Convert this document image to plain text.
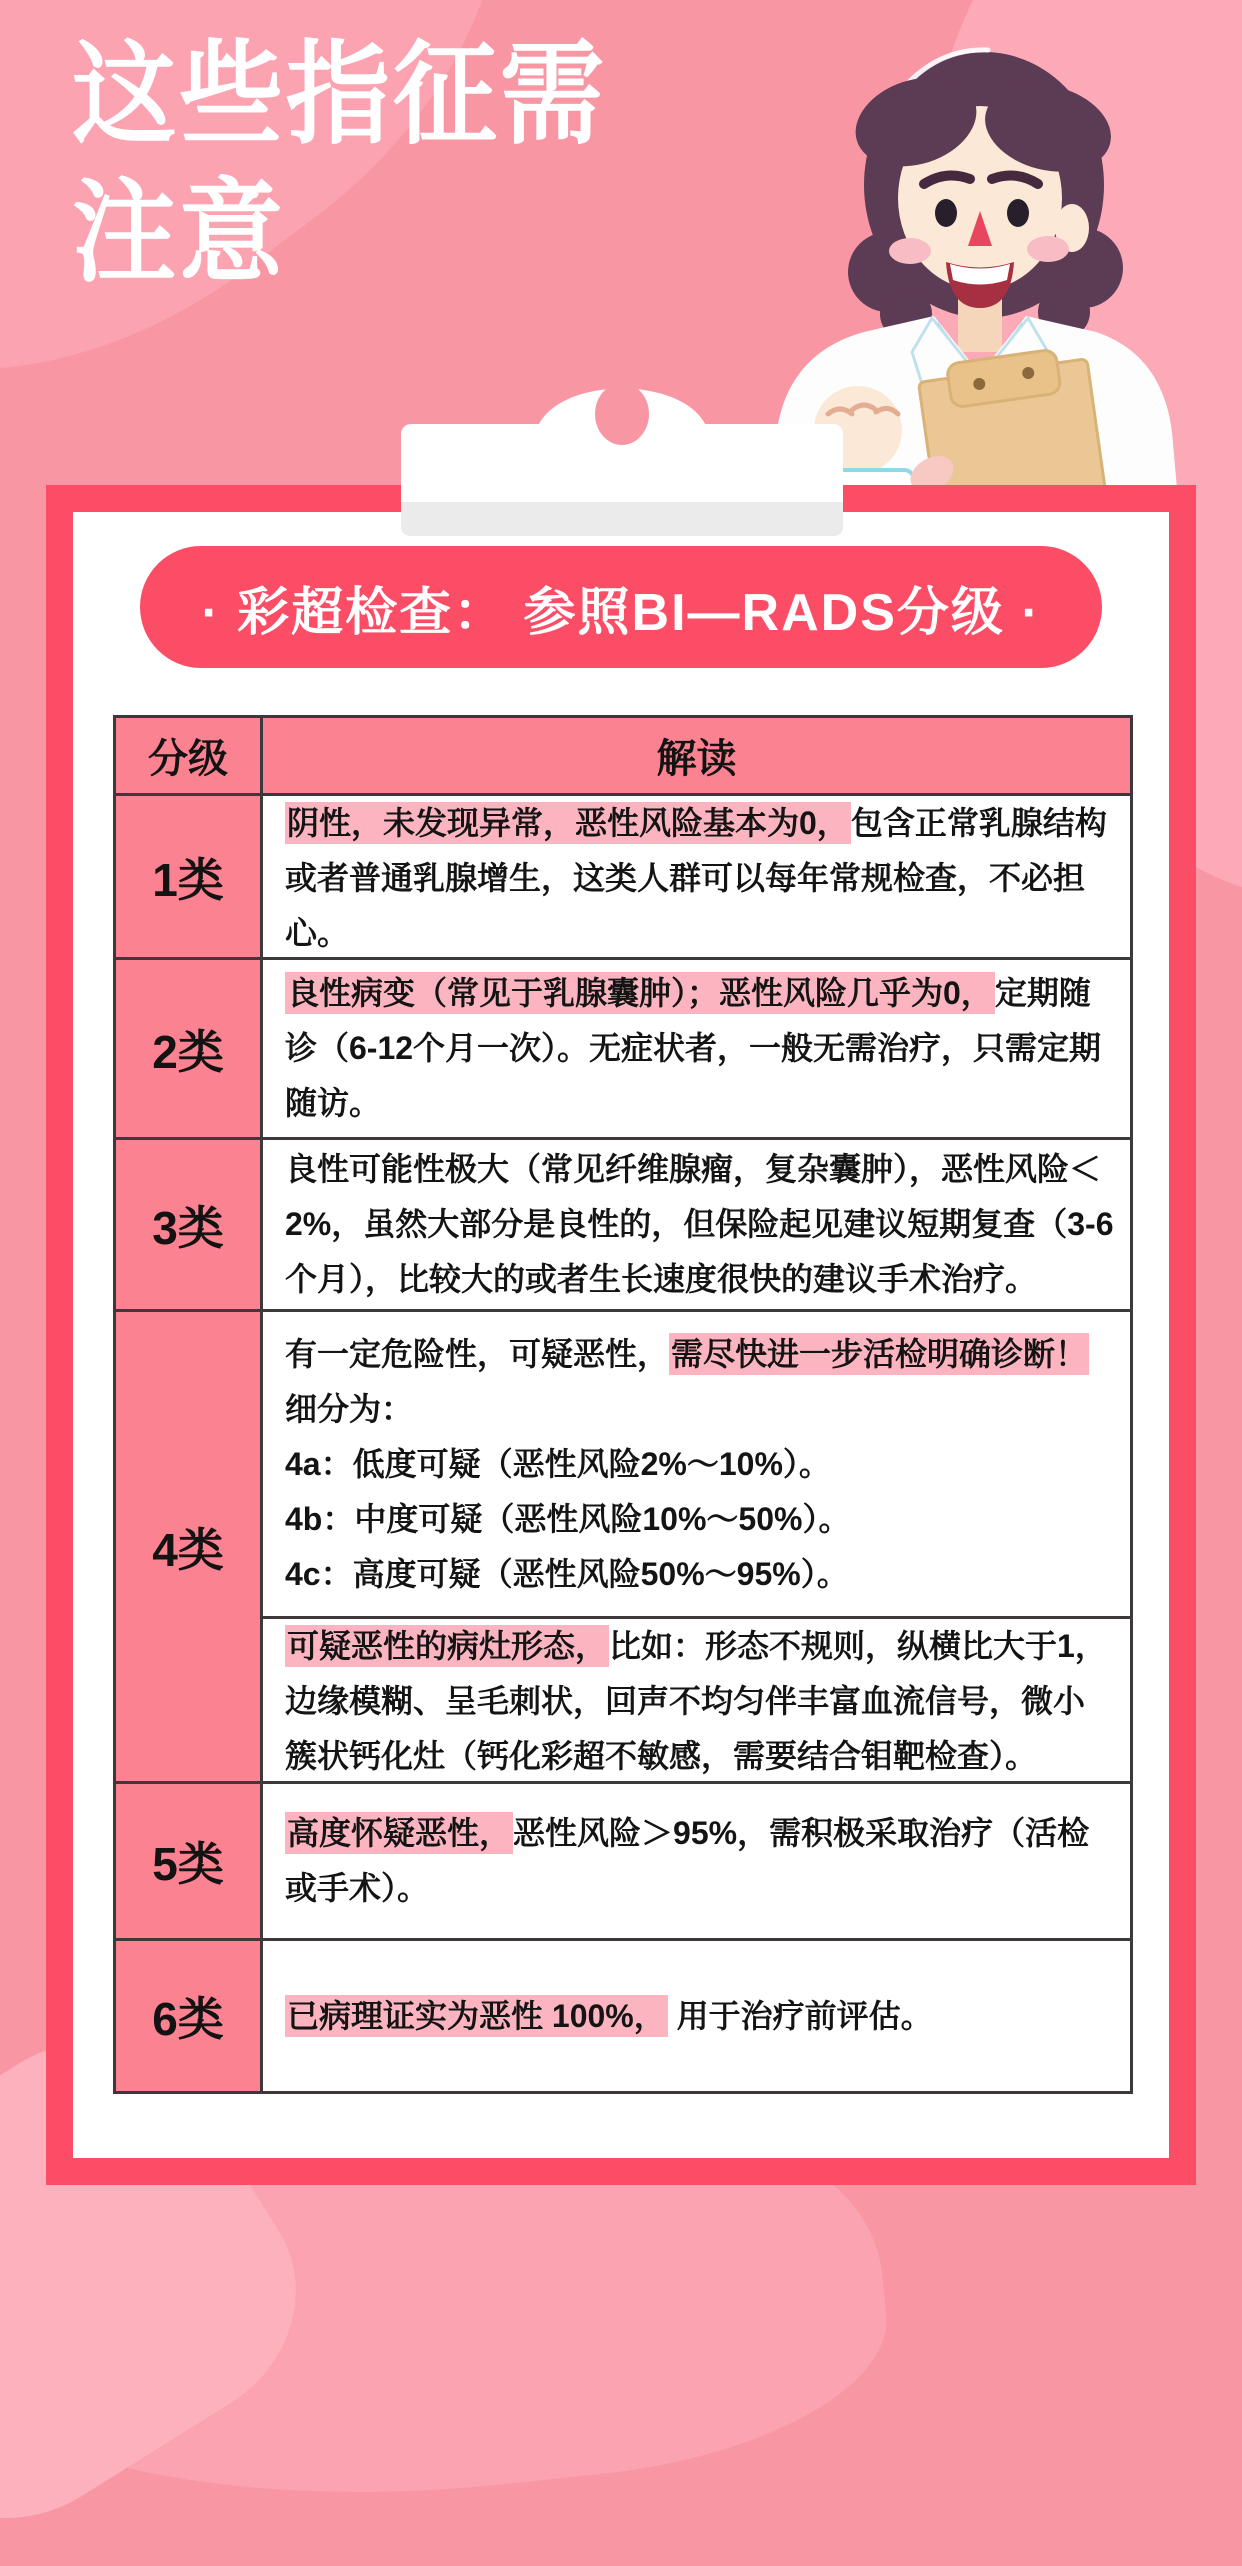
这些指征需
注意
· 彩超检查： 参照BI—RADS分级 ·
分级	解读
1类
阴性，未发现异常，恶性风险基本为0，包含正常乳腺结构或者普通乳腺增生，这类人群可以每年常规检查，不必担心。
2类
良性病变（常见于乳腺囊肿）；恶性风险几乎为0，定期随诊（6-12个月一次）。无症状者，一般无需治疗，只需定期随访。
3类
良性可能性极大（常见纤维腺瘤，复杂囊肿），恶性风险＜2%，虽然大部分是良性的，但保险起见建议短期复查（3-6个月），比较大的或者生长速度很快的建议手术治疗。
4类
有一定危险性，可疑恶性，需尽快进一步活检明确诊断！
细分为：
4a：低度可疑（恶性风险2%～10%）。
4b：中度可疑（恶性风险10%～50%）。
4c：高度可疑（恶性风险50%～95%）。
可疑恶性的病灶形态，比如：形态不规则，纵横比大于1，边缘模糊、呈毛刺状，回声不均匀伴丰富血流信号，微小簇状钙化灶（钙化彩超不敏感，需要结合钼靶检查）。
5类
高度怀疑恶性，恶性风险＞95%，需积极采取治疗（活检或手术）。
6类	已病理证实为恶性 100%， 用于治疗前评估。
